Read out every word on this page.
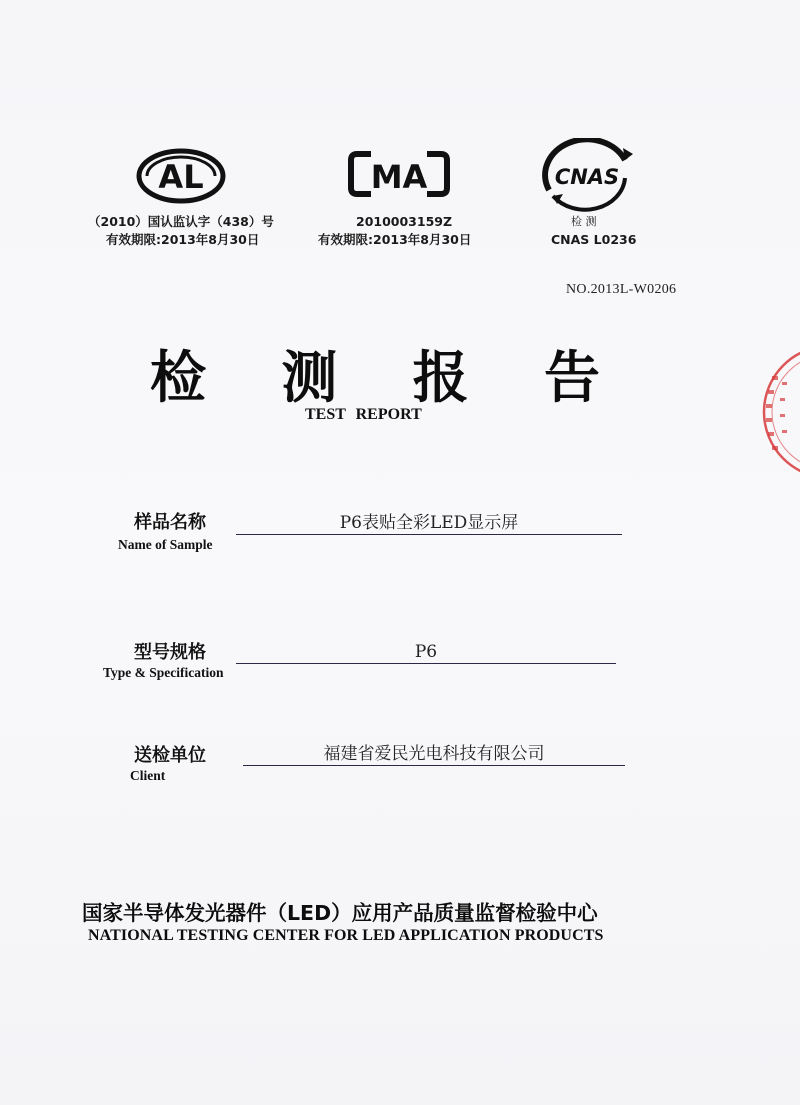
AL
（2010）国认监认字（438）号
有效期限:2013年8月30日
MA
2010003159Z
有效期限:2013年8月30日
CNAS
检 测
CNAS L0236
NO.2013L-W0206
检 测 报 告
TEST REPORT
样品名称
Name of Sample
P6表贴全彩LED显示屏
型号规格
Type & Specification
P6
送检单位
Client
福建省爱民光电科技有限公司
国家半导体发光器件（LED）应用产品质量监督检验中心
NATIONAL TESTING CENTER FOR LED APPLICATION PRODUCTS
